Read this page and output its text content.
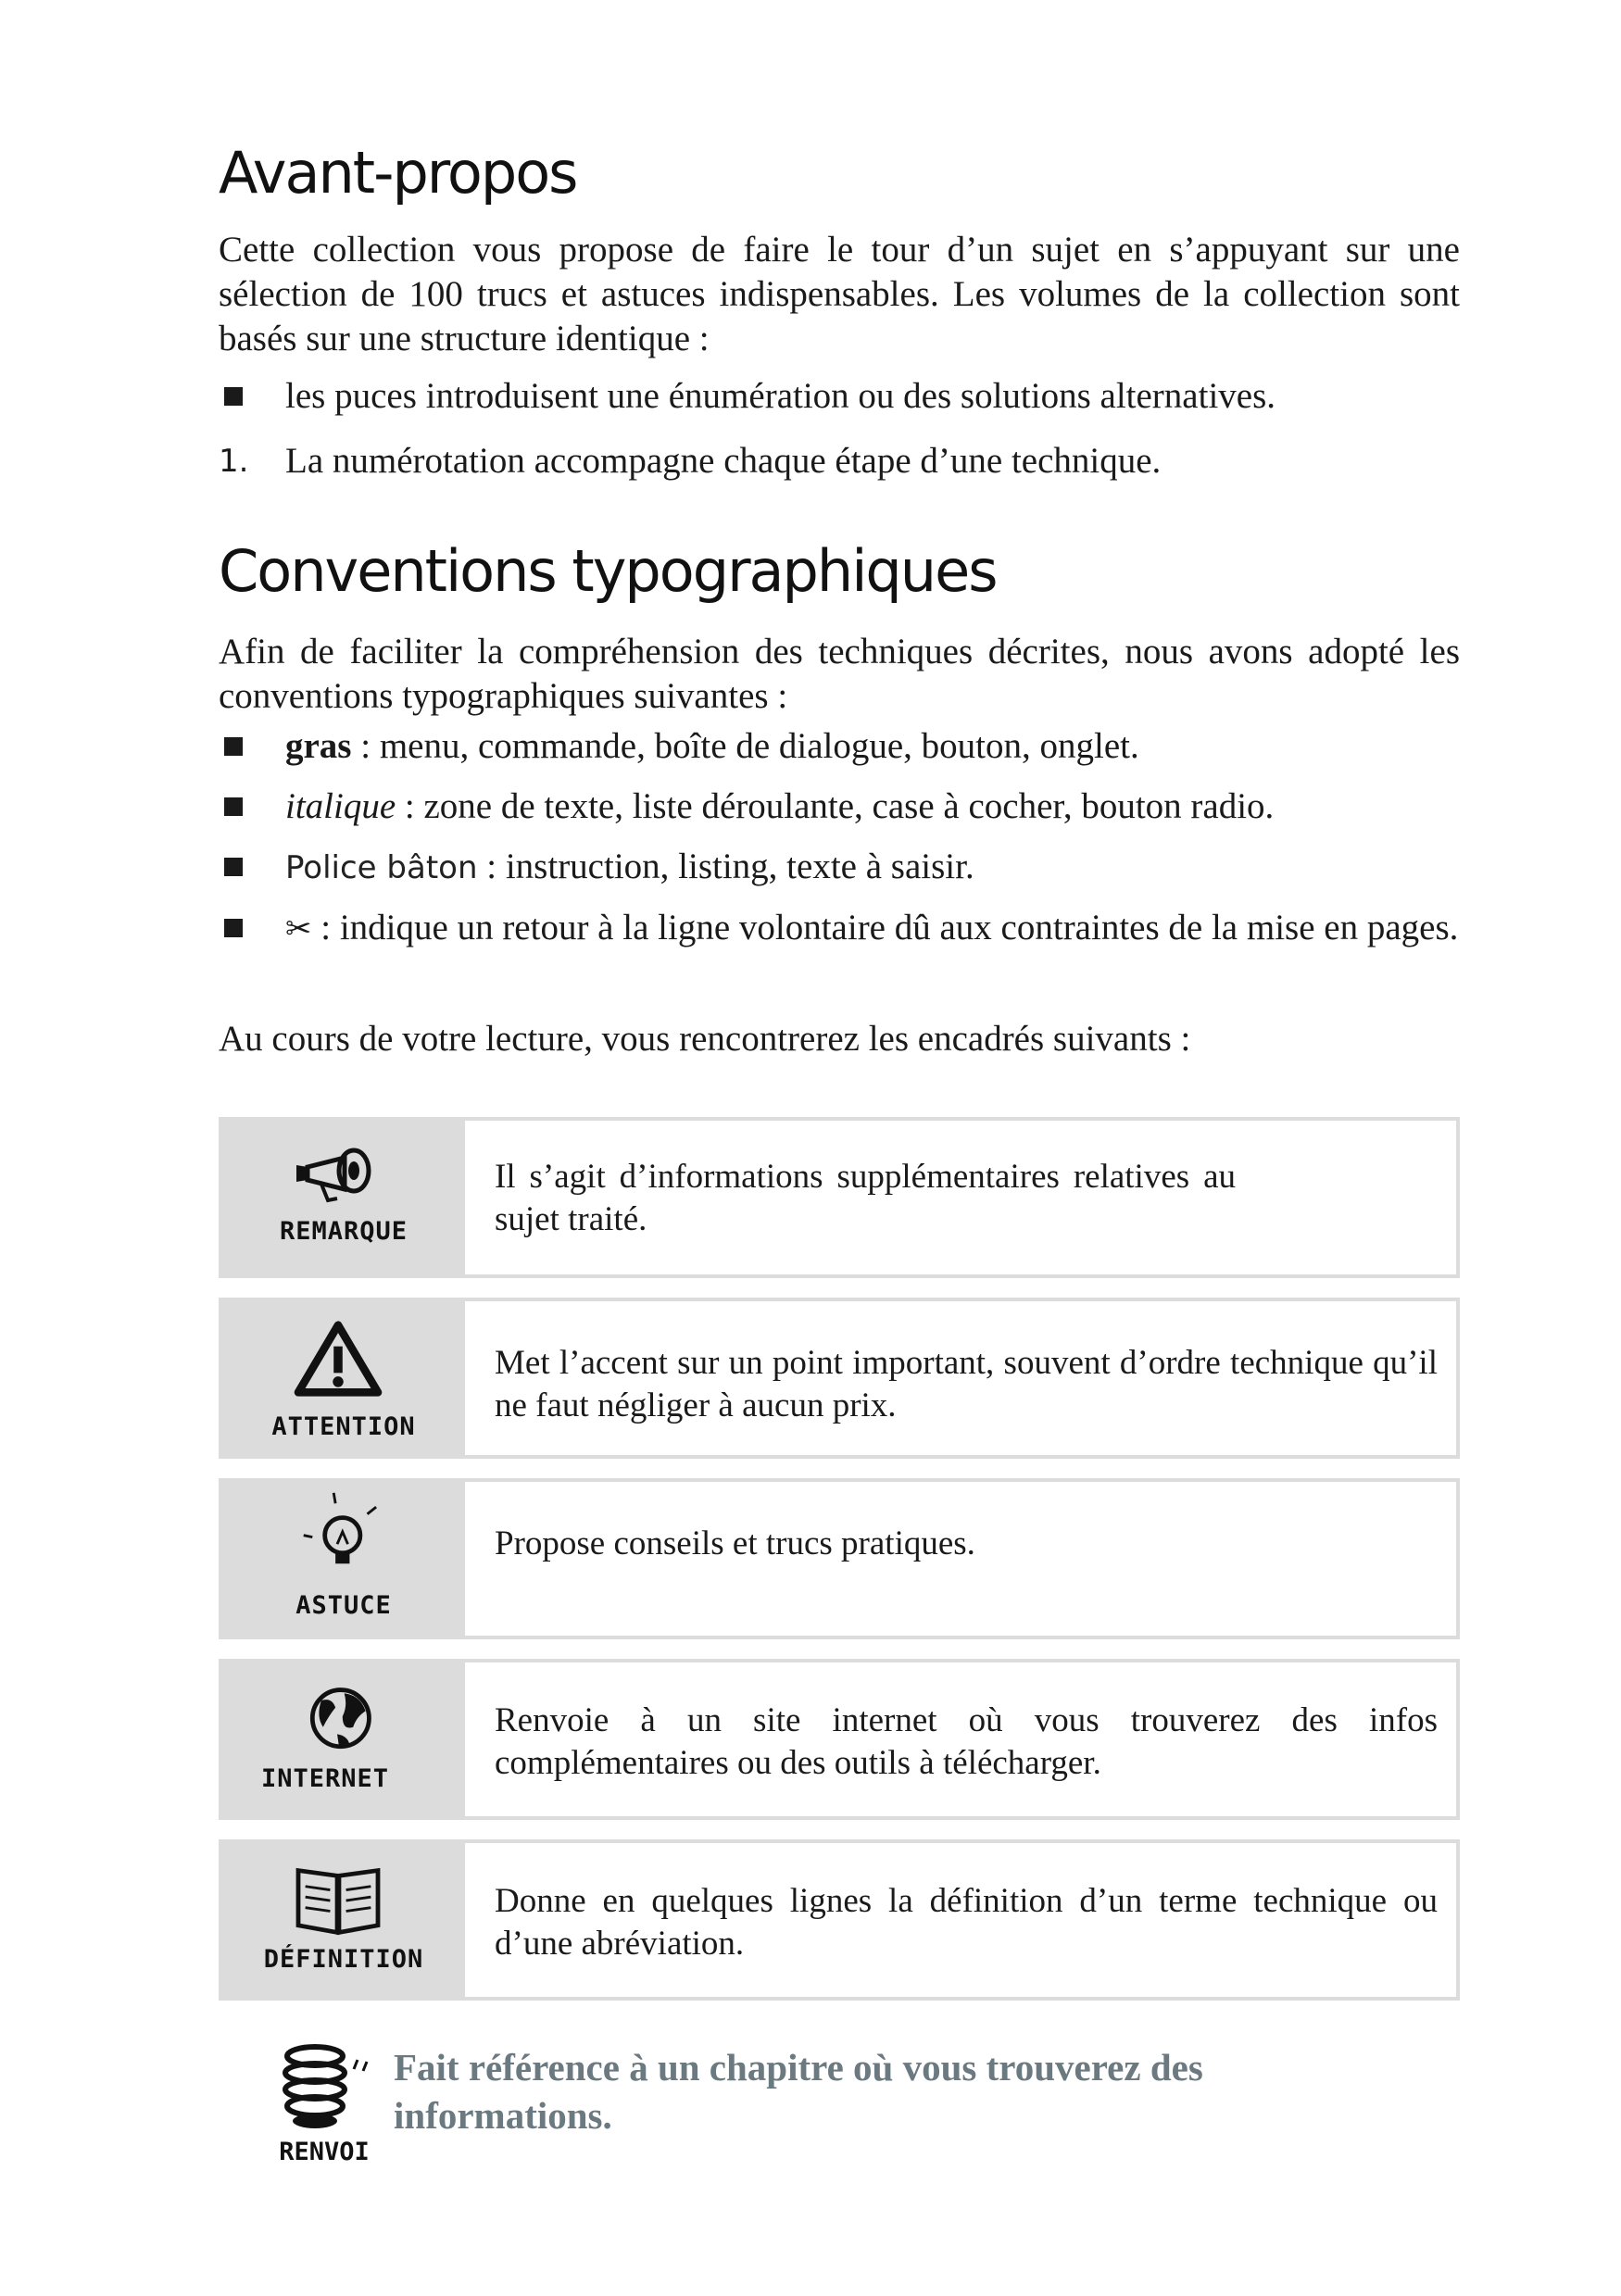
Avant-propos

Cette collection vous propose de faire le tour d’un sujet en s’appuyant sur une sélection de 100 trucs et astuces indispensables. Les volumes de la collection sont basés sur une structure identique :

les puces introduisent une énumération ou des solutions alternatives.
1. La numérotation accompagne chaque étape d’une technique.
Conventions typographiques

Afin de faciliter la compréhension des techniques décrites, nous avons adopté les conventions typographiques suivantes :

gras : menu, commande, boîte de dialogue, bouton, onglet.
italique : zone de texte, liste déroulante, case à cocher, bouton radio.
Police bâton : instruction, listing, texte à saisir.
✂ : indique un retour à la ligne volontaire dû aux contraintes de la mise en pages.

Au cours de votre lecture, vous rencontrerez les encadrés suivants :

REMARQUE
Il s’agit d’informations supplémentaires relatives au sujet traité.
ATTENTION
Met l’accent sur un point important, souvent d’ordre technique qu’il ne faut négliger à aucun prix.
ASTUCE
Propose conseils et trucs pratiques.
INTERNET
Renvoie à un site internet où vous trouverez des infos complémentaires ou des outils à télécharger.
DÉFINITION
Donne en quelques lignes la définition d’un terme technique ou d’une abréviation.
RENVOI
Fait référence à un chapitre où vous trouverez des informations.
